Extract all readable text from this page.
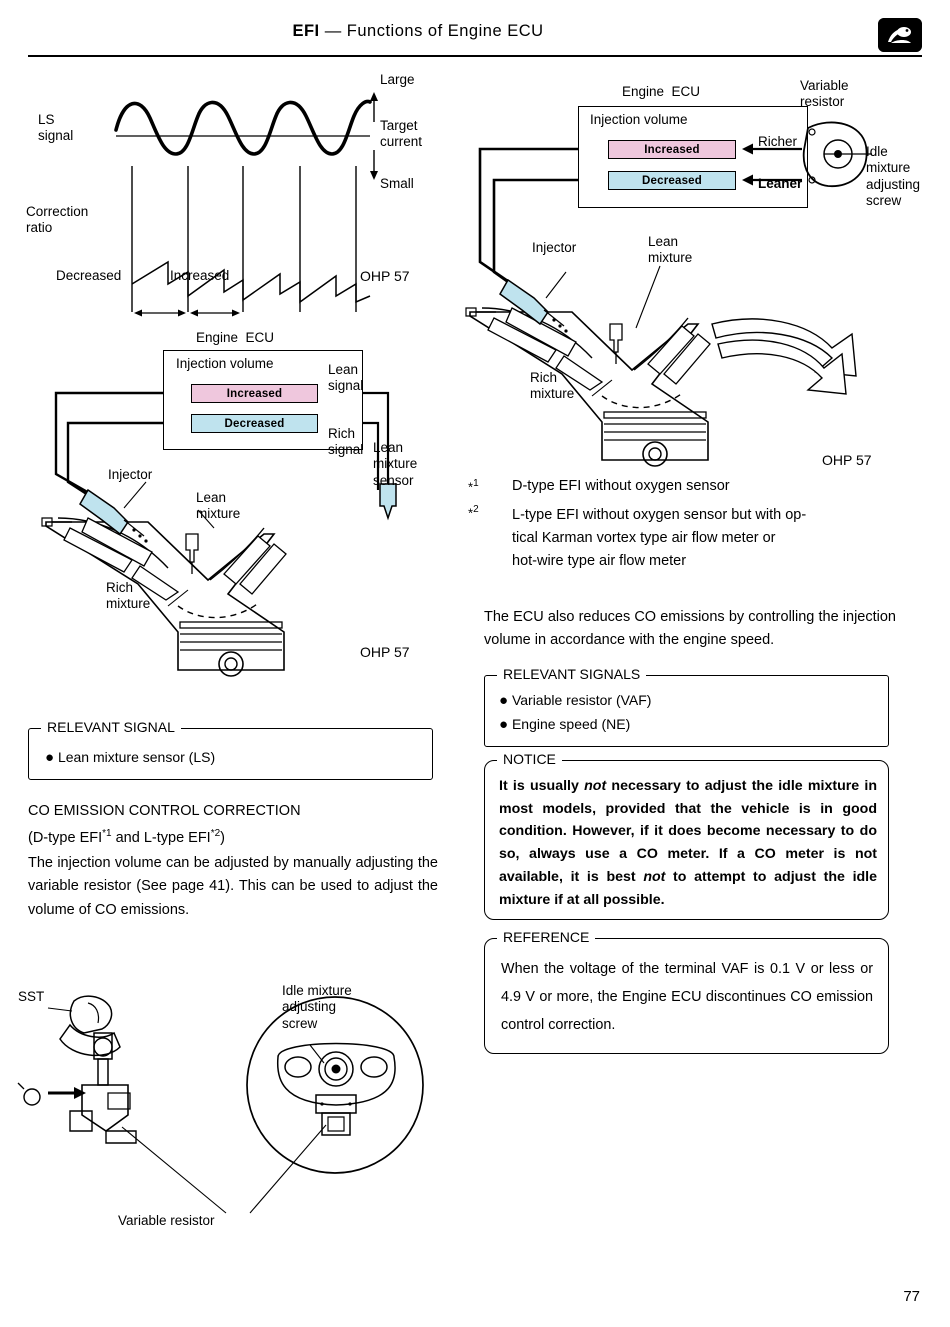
EFI — Functions of Engine ECU
LS
signal
Large
Target
current
Small
Correction
ratio
Decreased	Increased	OHP 57
Engine  ECU
Injection volume
Increased
Decreased
Lean
signal
Rich
signal Lean
mixture
sensor
Injector
Lean
mixture
Rich
mixture
OHP 57
RELEVANT SIGNAL
● Lean mixture sensor (LS)
CO EMISSION CONTROL CORRECTION
(D-type EFI$^{*1}$ and L-type EFI$^{*2}$)
The injection volume can be adjusted by manually adjusting the variable resistor (See page 41). This can be used to adjust the volume of CO emissions.
SST	Idle mixture
adjusting
screw
Variable resistor
Engine  ECU
Injection volume
Increased
Decreased
Variable
resistor
Richer
Leaner
Idle
mixture
adjusting
screw
Injector	Lean
mixture
Rich
mixture
OHP 57
*$^1$ D-type EFI without oxygen sensor
*$^2$ L-type EFI without oxygen sensor but with op-
tical Karman vortex type air flow meter or
hot-wire type air flow meter
The ECU also reduces CO emissions by controlling the injection volume in accordance with the engine speed.
RELEVANT SIGNALS
● Variable resistor (VAF)
● Engine speed (NE)
NOTICE
It is usually not necessary to adjust the idle mixture in most models, provided that the vehicle is in good condition. However, if it does become necessary to do so, always use a CO meter. If a CO meter is not available, it is best not to attempt to adjust the idle mixture if at all possible.
REFERENCE
When the voltage of the terminal VAF is 0.1 V or less or 4.9 V or more, the Engine ECU discontinues CO emission control correction.
77
